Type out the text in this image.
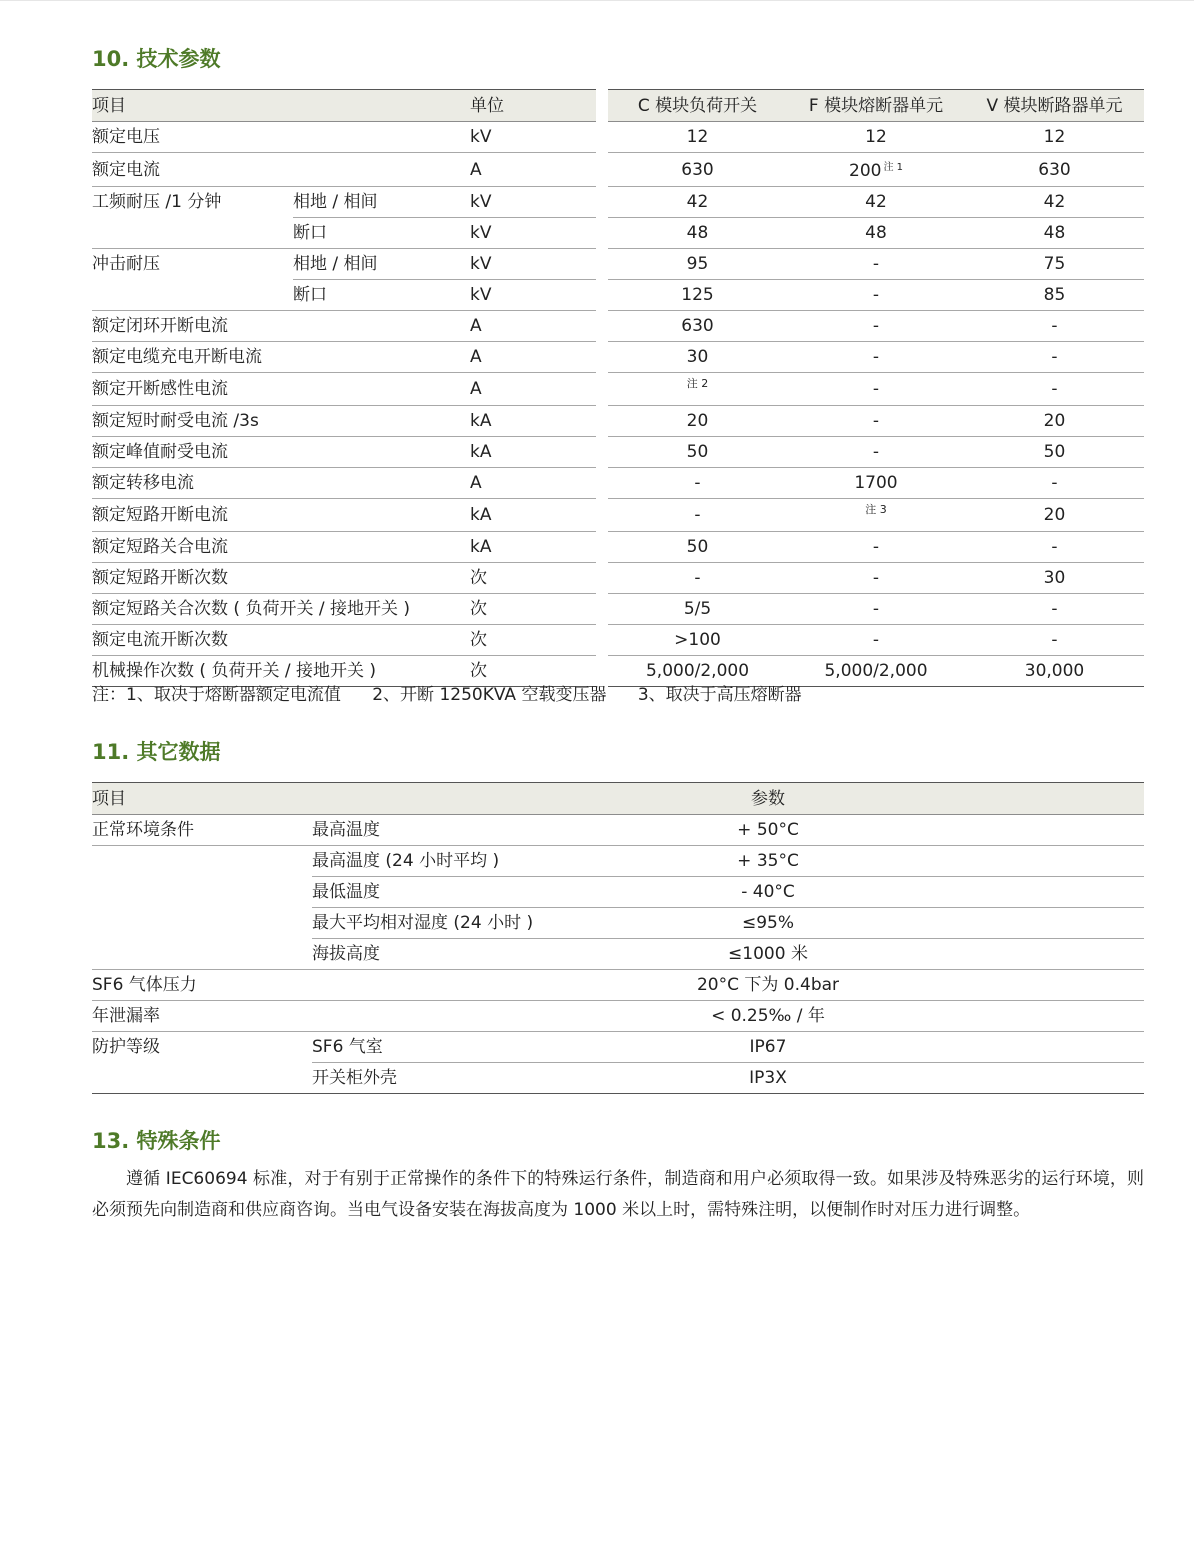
10. 技术参数
项目		单位		C 模块负荷开关	F 模块熔断器单元	V 模块断路器单元
额定电压		kV		12	12	12
额定电流		A		630	200 $^{注 1}$	630
工频耐压 /1 分钟	相地 / 相间	kV		42	42	42
	断口	kV		48	48	48
冲击耐压	相地 / 相间	kV		95	-	75
	断口	kV		125	-	85
额定闭环开断电流		A		630	-	-
额定电缆充电开断电流		A		30	-	-
额定开断感性电流		A		$^{注 2}$	-	-
额定短时耐受电流 /3s		kA		20	-	20
额定峰值耐受电流		kA		50	-	50
额定转移电流		A		-	1700	-
额定短路开断电流		kA		-	$^{注 3}$	20
额定短路关合电流		kA		50	-	-
额定短路开断次数		次		-	-	30
额定短路关合次数 ( 负荷开关 / 接地开关 )		次		5/5	-	-
额定电流开断次数		次		>100	-	-
机械操作次数 ( 负荷开关 / 接地开关 )		次		5,000/2,000	5,000/2,000	30,000
注：1、取决于熔断器额定电流值 2、开断 1250KVA 空载变压器 3、取决于高压熔断器
11. 其它数据
项目		参数
正常环境条件	最高温度	+ 50°C
	最高温度 (24 小时平均 )	+ 35°C
	最低温度	- 40°C
	最大平均相对湿度 (24 小时 )	≤95%
	海拔高度	≤1000 米
SF6 气体压力		20°C 下为 0.4bar
年泄漏率		< 0.25‰ / 年
防护等级	SF6 气室	IP67
	开关柜外壳	IP3X
13. 特殊条件

遵循 IEC60694 标准，对于有别于正常操作的条件下的特殊运行条件，制造商和用户必须取得一致。如果涉及特殊恶劣的运行环境，则必须预先向制造商和供应商咨询。当电气设备安装在海拔高度为 1000 米以上时，需特殊注明，以便制作时对压力进行调整。
